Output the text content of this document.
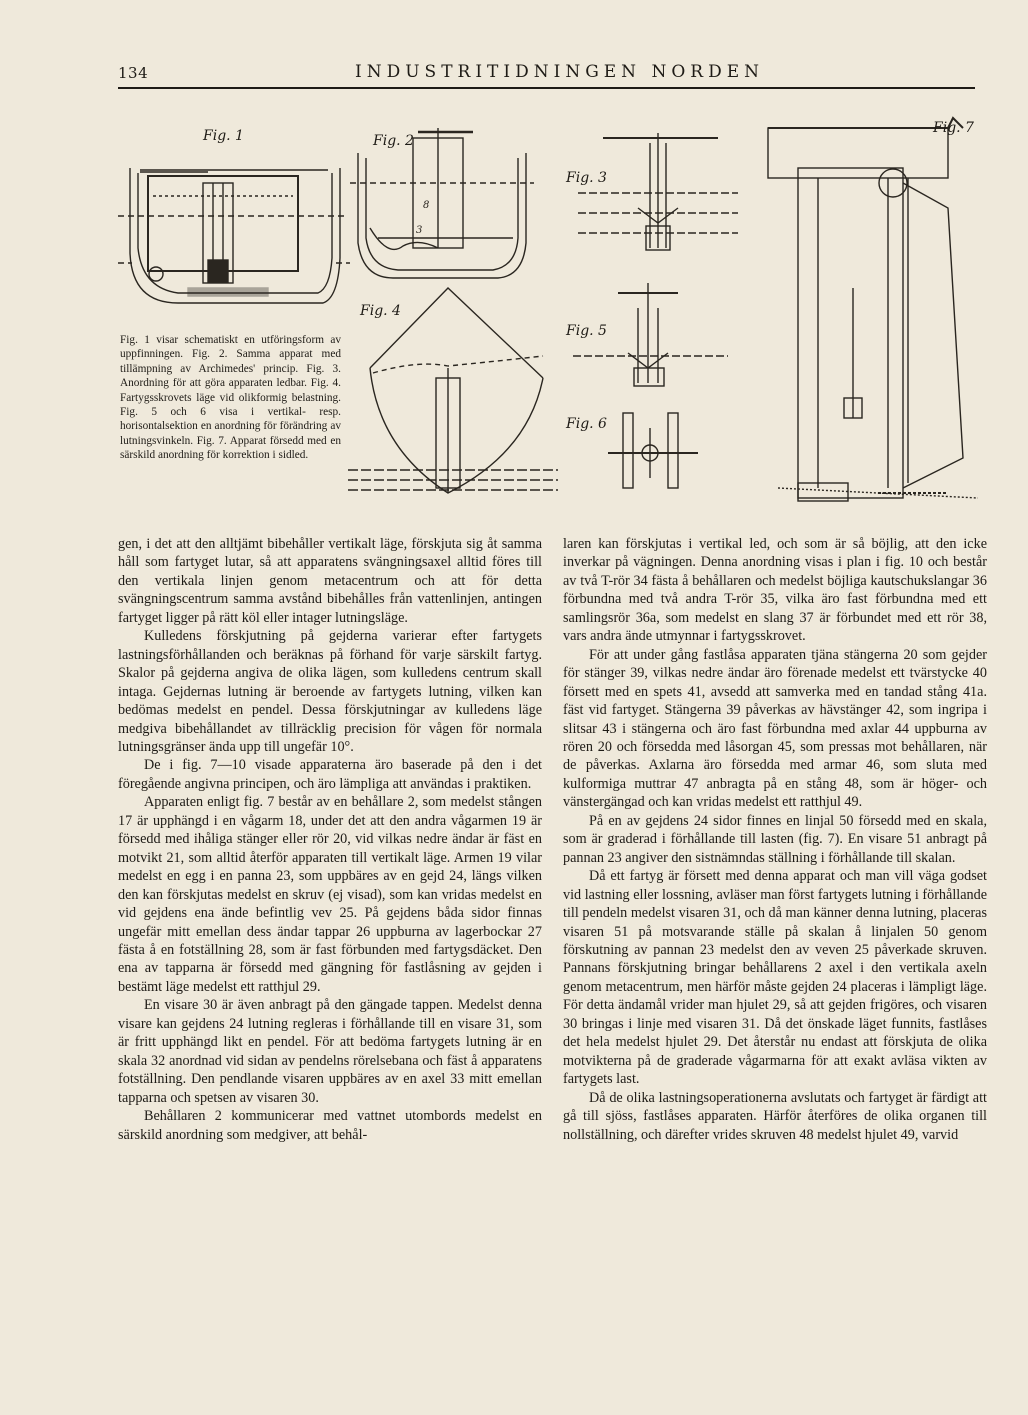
134	INDUSTRITIDNINGEN NORDEN
8
3
Fig. 1	Fig. 2
Fig. 3
Fig. 4
Fig. 5
Fig. 6
Fig. 7

Fig. 1 visar schematiskt en utföringsform av uppfinningen. Fig. 2. Samma apparat med tillämpning av Archimedes' princip. Fig. 3. Anordning för att göra apparaten ledbar. Fig. 4. Fartygsskrovets läge vid olikformig belastning. Fig. 5 och 6 visa i vertikal- resp. horisontalsektion en anordning för förändring av lutningsvinkeln. Fig. 7. Apparat försedd med en särskild anordning för korrektion i sidled.

gen, i det att den alltjämt bibehåller vertikalt läge, förskjuta sig åt samma håll som fartyget lutar, så att apparatens svängningsaxel alltid föres till den vertikala linjen genom metacentrum och att för detta svängningscentrum samma avstånd bibehålles från vattenlinjen, antingen fartyget ligger på rätt köl eller intager lutningsläge.

Kulledens förskjutning på gejderna varierar efter fartygets lastningsförhållanden och beräknas på förhand för varje särskilt fartyg. Skalor på gejderna angiva de olika lägen, som kulledens centrum skall intaga. Gejdernas lutning är beroende av fartygets lutning, vilken kan bedömas medelst en pendel. Dessa förskjutningar av kulledens läge medgiva bibehållandet av tillräcklig precision för vågen för normala lutningsgränser ända upp till ungefär 10°.

De i fig. 7—10 visade apparaterna äro baserade på den i det föregående angivna principen, och äro lämpliga att användas i praktiken.

Apparaten enligt fig. 7 består av en behållare 2, som medelst stången 17 är upphängd i en vågarm 18, under det att den andra vågarmen 19 är försedd med ihåliga stänger eller rör 20, vid vilkas nedre ändar är fäst en motvikt 21, som alltid återför apparaten till vertikalt läge. Armen 19 vilar medelst en egg i en panna 23, som uppbäres av en gejd 24, längs vilken den kan förskjutas medelst en skruv (ej visad), som kan vridas medelst en vid gejdens ena ände befintlig vev 25. På gejdens båda sidor finnas ungefär mitt emellan dess ändar tappar 26 uppburna av lagerbockar 27 fästa å en fotställning 28, som är fast förbunden med fartygsdäcket. Den ena av tapparna är försedd med gängning för fastlåsning av gejden i bestämt läge medelst ett ratthjul 29.

En visare 30 är även anbragt på den gängade tappen. Medelst denna visare kan gejdens 24 lutning regleras i förhållande till en visare 31, som är fritt upphängd likt en pendel. För att bedöma fartygets lutning är en skala 32 anordnad vid sidan av pendelns rörelsebana och fäst å apparatens fotställning. Den pendlande visaren uppbäres av en axel 33 mitt emellan tapparna och spetsen av visaren 30.

Behållaren 2 kommunicerar med vattnet utombords medelst en särskild anordning som medgiver, att behål-

laren kan förskjutas i vertikal led, och som är så böjlig, att den icke inverkar på vägningen. Denna anordning visas i plan i fig. 10 och består av två T-rör 34 fästa å behållaren och medelst böjliga kautschukslangar 36 förbundna med två andra T-rör 35, vilka äro fast förbundna med ett samlingsrör 36a, som medelst en slang 37 är förbundet med ett rör 38, vars andra ände utmynnar i fartygsskrovet.

För att under gång fastlåsa apparaten tjäna stängerna 20 som gejder för stänger 39, vilkas nedre ändar äro förenade medelst ett tvärstycke 40 försett med en spets 41, avsedd att samverka med en tandad stång 41a. fäst vid fartyget. Stängerna 39 påverkas av hävstänger 42, som ingripa i slitsar 43 i stängerna och äro fast förbundna med axlar 44 uppburna av rören 20 och försedda med låsorgan 45, som pressas mot behållaren, när de påverkas. Axlarna äro försedda med armar 46, som sluta med kulformiga muttrar 47 anbragta på en stång 48, som är höger- och vänstergängad och kan vridas medelst ett ratthjul 49.

På en av gejdens 24 sidor finnes en linjal 50 försedd med en skala, som är graderad i förhållande till lasten (fig. 7). En visare 51 anbragt på pannan 23 angiver den sistnämndas ställning i förhållande till skalan.

Då ett fartyg är försett med denna apparat och man vill väga godset vid lastning eller lossning, avläser man först fartygets lutning i förhållande till pendeln medelst visaren 31, och då man känner denna lutning, placeras visaren 51 på motsvarande ställe på skalan å linjalen 50 genom förskutning av pannan 23 medelst den av veven 25 påverkade skruven. Pannans förskjutning bringar behållarens 2 axel i den vertikala axeln genom metacentrum, men härför måste gejden 24 placeras i lämpligt läge. För detta ändamål vrider man hjulet 29, så att gejden frigöres, och visaren 30 bringas i linje med visaren 31. Då det önskade läget funnits, fastlåses det hela medelst hjulet 29. Det återstår nu endast att förskjuta de olika motvikterna på de graderade vågarmarna för att exakt avläsa vikten av fartygets last.

Då de olika lastningsoperationerna avslutats och fartyget är färdigt att gå till sjöss, fastlåses apparaten. Härför återföres de olika organen till nollställning, och därefter vrides skruven 48 medelst hjulet 49, varvid
